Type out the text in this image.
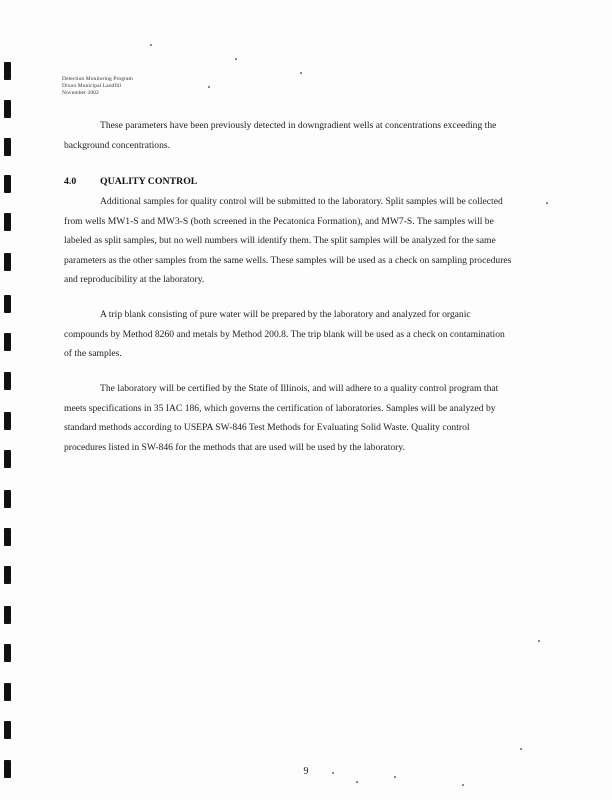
Detection Monitoring Program
Dixon Municipal Landfill
November 2002

These parameters have been previously detected in downgradient wells at concentrations exceeding the background concentrations.

4.0 QUALITY CONTROL

Additional samples for quality control will be submitted to the laboratory. Split samples will be collected from wells MW1-S and MW3-S (both screened in the Pecatonica Formation), and MW7-S. The samples will be labeled as split samples, but no well numbers will identify them. The split samples will be analyzed for the same parameters as the other samples from the same wells. These samples will be used as a check on sampling procedures and reproducibility at the laboratory.

A trip blank consisting of pure water will be prepared by the laboratory and analyzed for organic compounds by Method 8260 and metals by Method 200.8. The trip blank will be used as a check on contamination of the samples.

The laboratory will be certified by the State of Illinois, and will adhere to a quality control program that meets specifications in 35 IAC 186, which governs the certification of laboratories. Samples will be analyzed by standard methods according to USEPA SW-846 Test Methods for Evaluating Solid Waste. Quality control procedures listed in SW-846 for the methods that are used will be used by the laboratory.

9
